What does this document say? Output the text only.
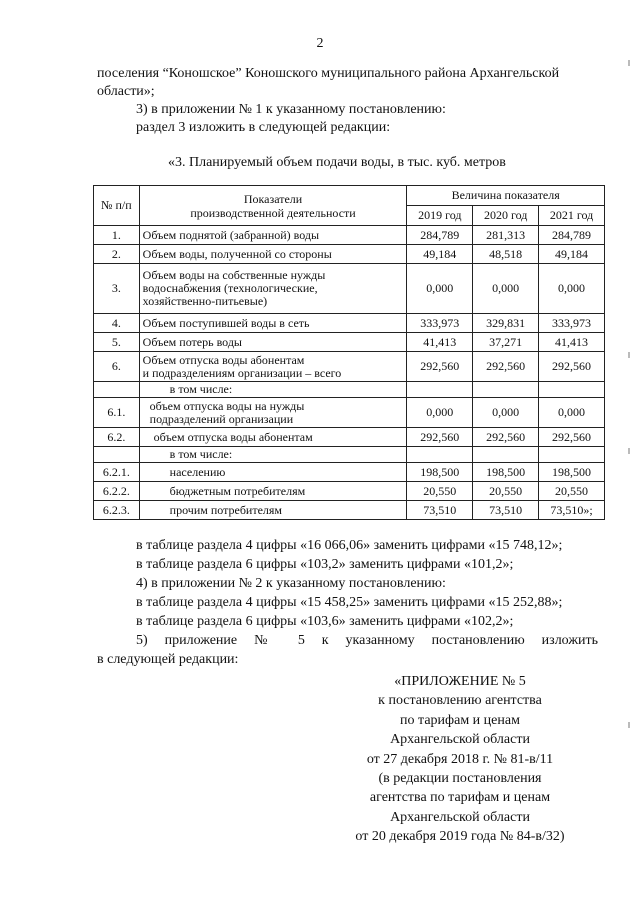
2
поселения “Коношское” Коношского муниципального района Архангельской
области»;
3) в приложении № 1 к указанному постановлению:
раздел 3 изложить в следующей редакции:
«3. Планируемый объем подачи воды, в тыс. куб. метров
№ п/п	Показатели
производственной деятельности	Величина показателя		
		2019 год	2020 год	2021 год
1.	Объем поднятой (забранной) воды	284,789	281,313	284,789
2.	Объем воды, полученной со стороны	49,184	48,518	49,184
3.	Объем воды на собственные нужды
водоснабжения (технологические,
хозяйственно-питьевые)	0,000	0,000	0,000
4.	Объем поступившей воды в сеть	333,973	329,831	333,973
5.	Объем потерь воды	41,413	37,271	41,413
6.	Объем отпуска воды абонентам
и подразделениям организации – всего	292,560	292,560	292,560
	в том числе:			
6.1.	объем отпуска воды на нужды
подразделений организации	0,000	0,000	0,000
6.2.	объем отпуска воды абонентам	292,560	292,560	292,560
	в том числе:			
6.2.1.	населению	198,500	198,500	198,500
6.2.2.	бюджетным потребителям	20,550	20,550	20,550
6.2.3.	прочим потребителям	73,510	73,510	73,510»;
«ПРИЛОЖЕНИЕ № 5
к постановлению агентства
по тарифам и ценам
Архангельской области
от 27 декабря 2018 г. № 81-в/11
(в редакции постановления
агентства по тарифам и ценам
Архангельской области
от 20 декабря 2019 года № 84-в/32)
в таблице раздела 4 цифры «16 066,06» заменить цифрами «15 748,12»;
в таблице раздела 6 цифры «103,2» заменить цифрами «101,2»;
4) в приложении № 2 к указанному постановлению:
в таблице раздела 4 цифры «15 458,25» заменить цифрами «15 252,88»;
в таблице раздела 6 цифры «103,6» заменить цифрами «102,2»;
5) приложение № 5 к указанному постановлению изложить
в следующей редакции:
